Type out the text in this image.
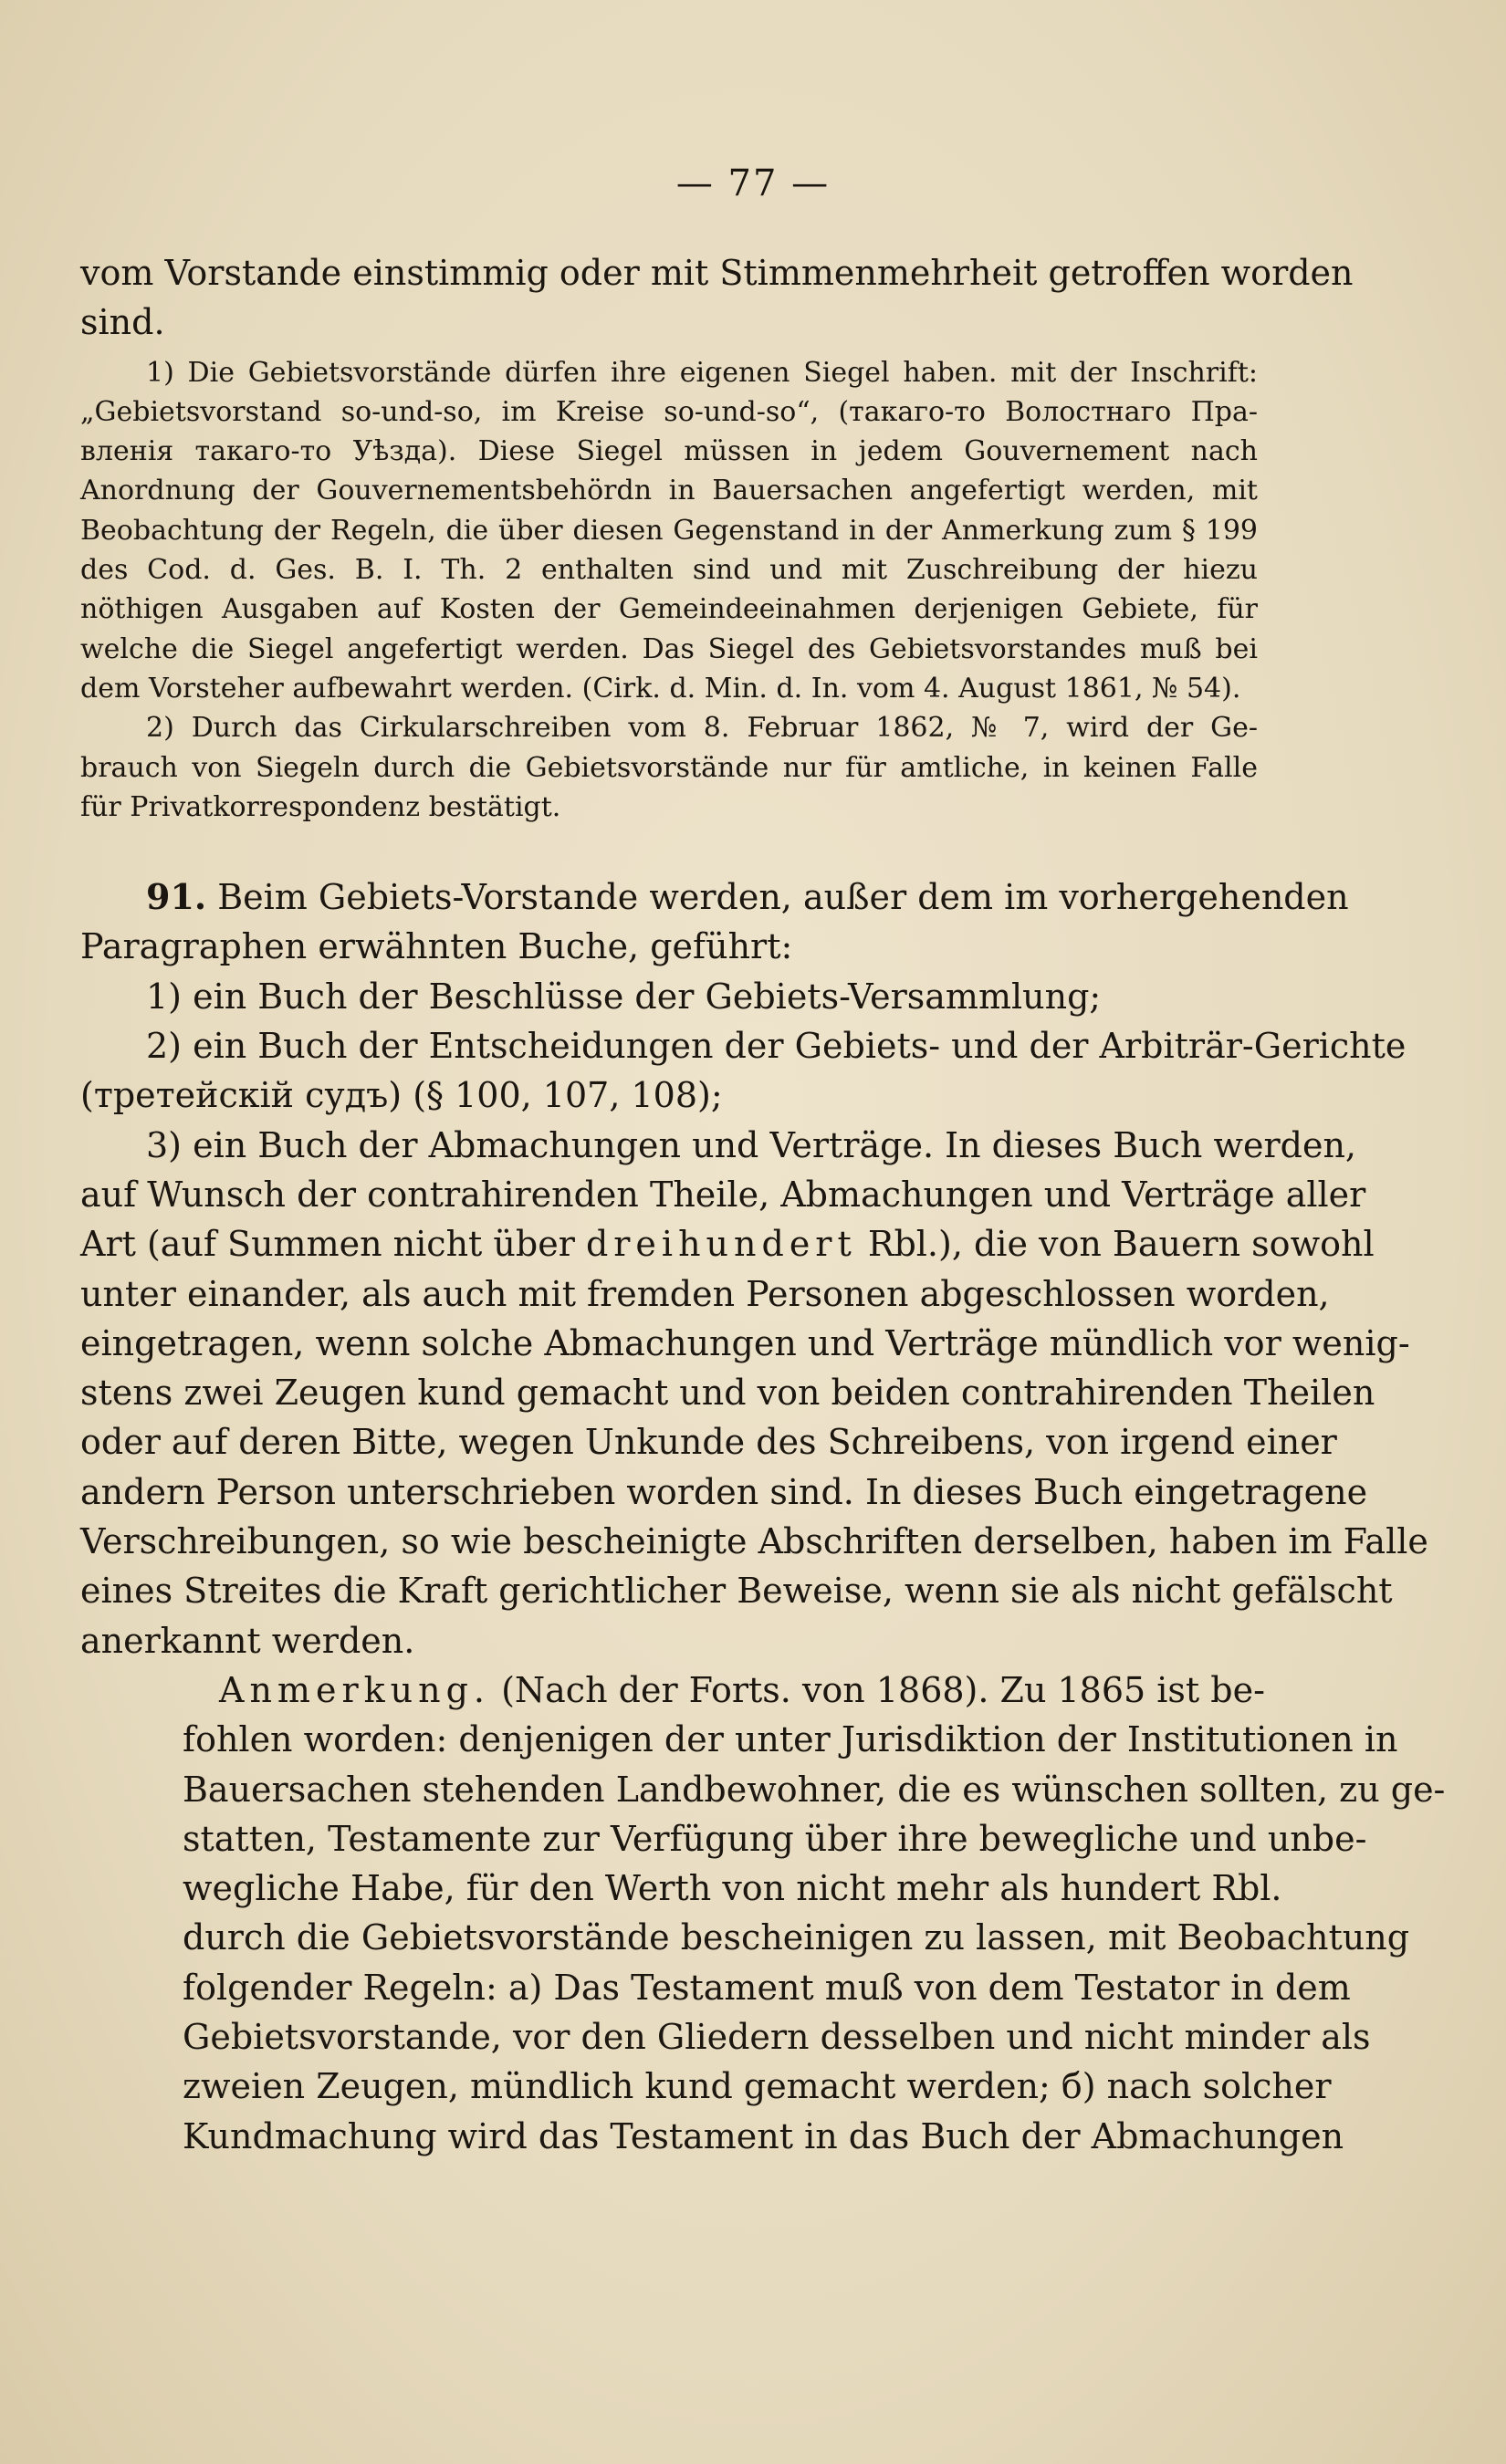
— 77 —
vom Vorstande einstimmig oder mit Stimmenmehrheit getroffen worden
sind.
1) Die Gebietsvorstände dürfen ihre eigenen Siegel haben. mit der Inschrift:
„Gebietsvorstand so-und-so, im Kreise so-und-so“, (такаго-то Волостнаго Пра-
вленія такаго-то Уѣзда). Diese Siegel müssen in jedem Gouvernement nach
Anordnung der Gouvernementsbehördn in Bauersachen angefertigt werden, mit
Beobachtung der Regeln, die über diesen Gegenstand in der Anmerkung zum § 199
des Cod. d. Ges. B. I. Th. 2 enthalten sind und mit Zuschreibung der hiezu
nöthigen Ausgaben auf Kosten der Gemeindeeinahmen derjenigen Gebiete, für
welche die Siegel angefertigt werden. Das Siegel des Gebietsvorstandes muß bei
dem Vorsteher aufbewahrt werden. (Cirk. d. Min. d. In. vom 4. August 1861, № 54).
2) Durch das Cirkularschreiben vom 8. Februar 1862, № 7, wird der Ge-
brauch von Siegeln durch die Gebietsvorstände nur für amtliche, in keinen Falle
für Privatkorrespondenz bestätigt.
91. Beim Gebiets-Vorstande werden, außer dem im vorhergehenden
Paragraphen erwähnten Buche, geführt:
1) ein Buch der Beschlüsse der Gebiets-Versammlung;
2) ein Buch der Entscheidungen der Gebiets- und der Arbiträr-Gerichte
(третейскій судъ) (§ 100, 107, 108);
3) ein Buch der Abmachungen und Verträge. In dieses Buch werden,
auf Wunsch der contrahirenden Theile, Abmachungen und Verträge aller
Art (auf Summen nicht über dreihundert Rbl.), die von Bauern sowohl
unter einander, als auch mit fremden Personen abgeschlossen worden,
eingetragen, wenn solche Abmachungen und Verträge mündlich vor wenig-
stens zwei Zeugen kund gemacht und von beiden contrahirenden Theilen
oder auf deren Bitte, wegen Unkunde des Schreibens, von irgend einer
andern Person unterschrieben worden sind. In dieses Buch eingetragene
Verschreibungen, so wie bescheinigte Abschriften derselben, haben im Falle
eines Streites die Kraft gerichtlicher Beweise, wenn sie als nicht gefälscht
anerkannt werden.
Anmerkung. (Nach der Forts. von 1868). Zu 1865 ist be-
fohlen worden: denjenigen der unter Jurisdiktion der Institutionen in
Bauersachen stehenden Landbewohner, die es wünschen sollten, zu ge-
statten, Testamente zur Verfügung über ihre bewegliche und unbe-
wegliche Habe, für den Werth von nicht mehr als hundert Rbl.
durch die Gebietsvorstände bescheinigen zu lassen, mit Beobachtung
folgender Regeln: a) Das Testament muß von dem Testator in dem
Gebietsvorstande, vor den Gliedern desselben und nicht minder als
zweien Zeugen, mündlich kund gemacht werden; б) nach solcher
Kundmachung wird das Testament in das Buch der Abmachungen
